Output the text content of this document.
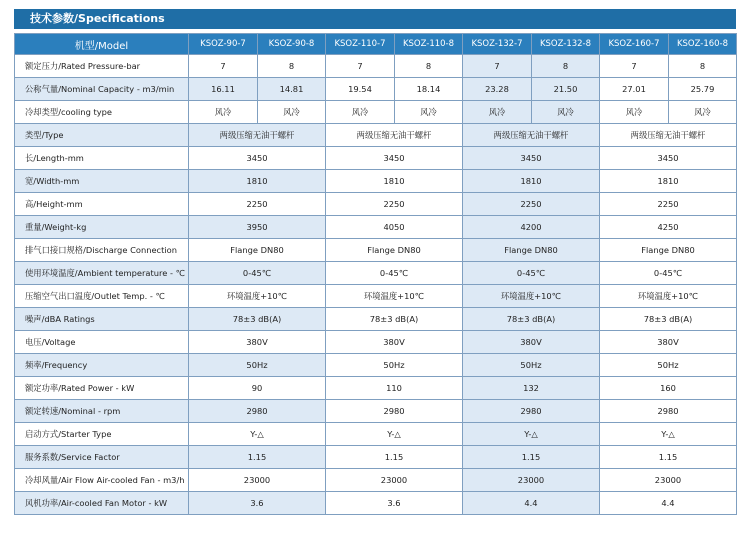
技术参数/Specifications
机型/Model	KSOZ-90-7	KSOZ-90-8	KSOZ-110-7	KSOZ-110-8	KSOZ-132-7	KSOZ-132-8	KSOZ-160-7	KSOZ-160-8
额定压力/Rated Pressure-bar	7	8	7	8	7	8	7	8
公称气量/Nominal Capacity - m3/min	16.11	14.81	19.54	18.14	23.28	21.50	27.01	25.79
冷却类型/cooling type	风冷	风冷	风冷	风冷	风冷	风冷	风冷	风冷
类型/Type	两级压缩无油干螺杆		两级压缩无油干螺杆		两级压缩无油干螺杆		两级压缩无油干螺杆	
长/Length-mm	3450		3450		3450		3450	
宽/Width-mm	1810		1810		1810		1810	
高/Height-mm	2250		2250		2250		2250	
重量/Weight-kg	3950		4050		4200		4250	
排气口接口规格/Discharge Connection	Flange DN80		Flange DN80		Flange DN80		Flange DN80	
使用环境温度/Ambient temperature - ℃	0-45℃		0-45℃		0-45℃		0-45℃	
压缩空气出口温度/Outlet Temp. - ℃	环境温度+10℃		环境温度+10℃		环境温度+10℃		环境温度+10℃	
噪声/dBA Ratings	78±3 dB(A)		78±3 dB(A)		78±3 dB(A)		78±3 dB(A)	
电压/Voltage	380V		380V		380V		380V	
频率/Frequency	50Hz		50Hz		50Hz		50Hz	
额定功率/Rated Power - kW	90		110		132		160	
额定转速/Nominal - rpm	2980		2980		2980		2980	
启动方式/Starter Type	Y-△		Y-△		Y-△		Y-△	
服务系数/Service Factor	1.15		1.15		1.15		1.15	
冷却风量/Air Flow Air-cooled Fan - m3/h	23000		23000		23000		23000	
风机功率/Air-cooled Fan Motor - kW	3.6		3.6		4.4		4.4	
